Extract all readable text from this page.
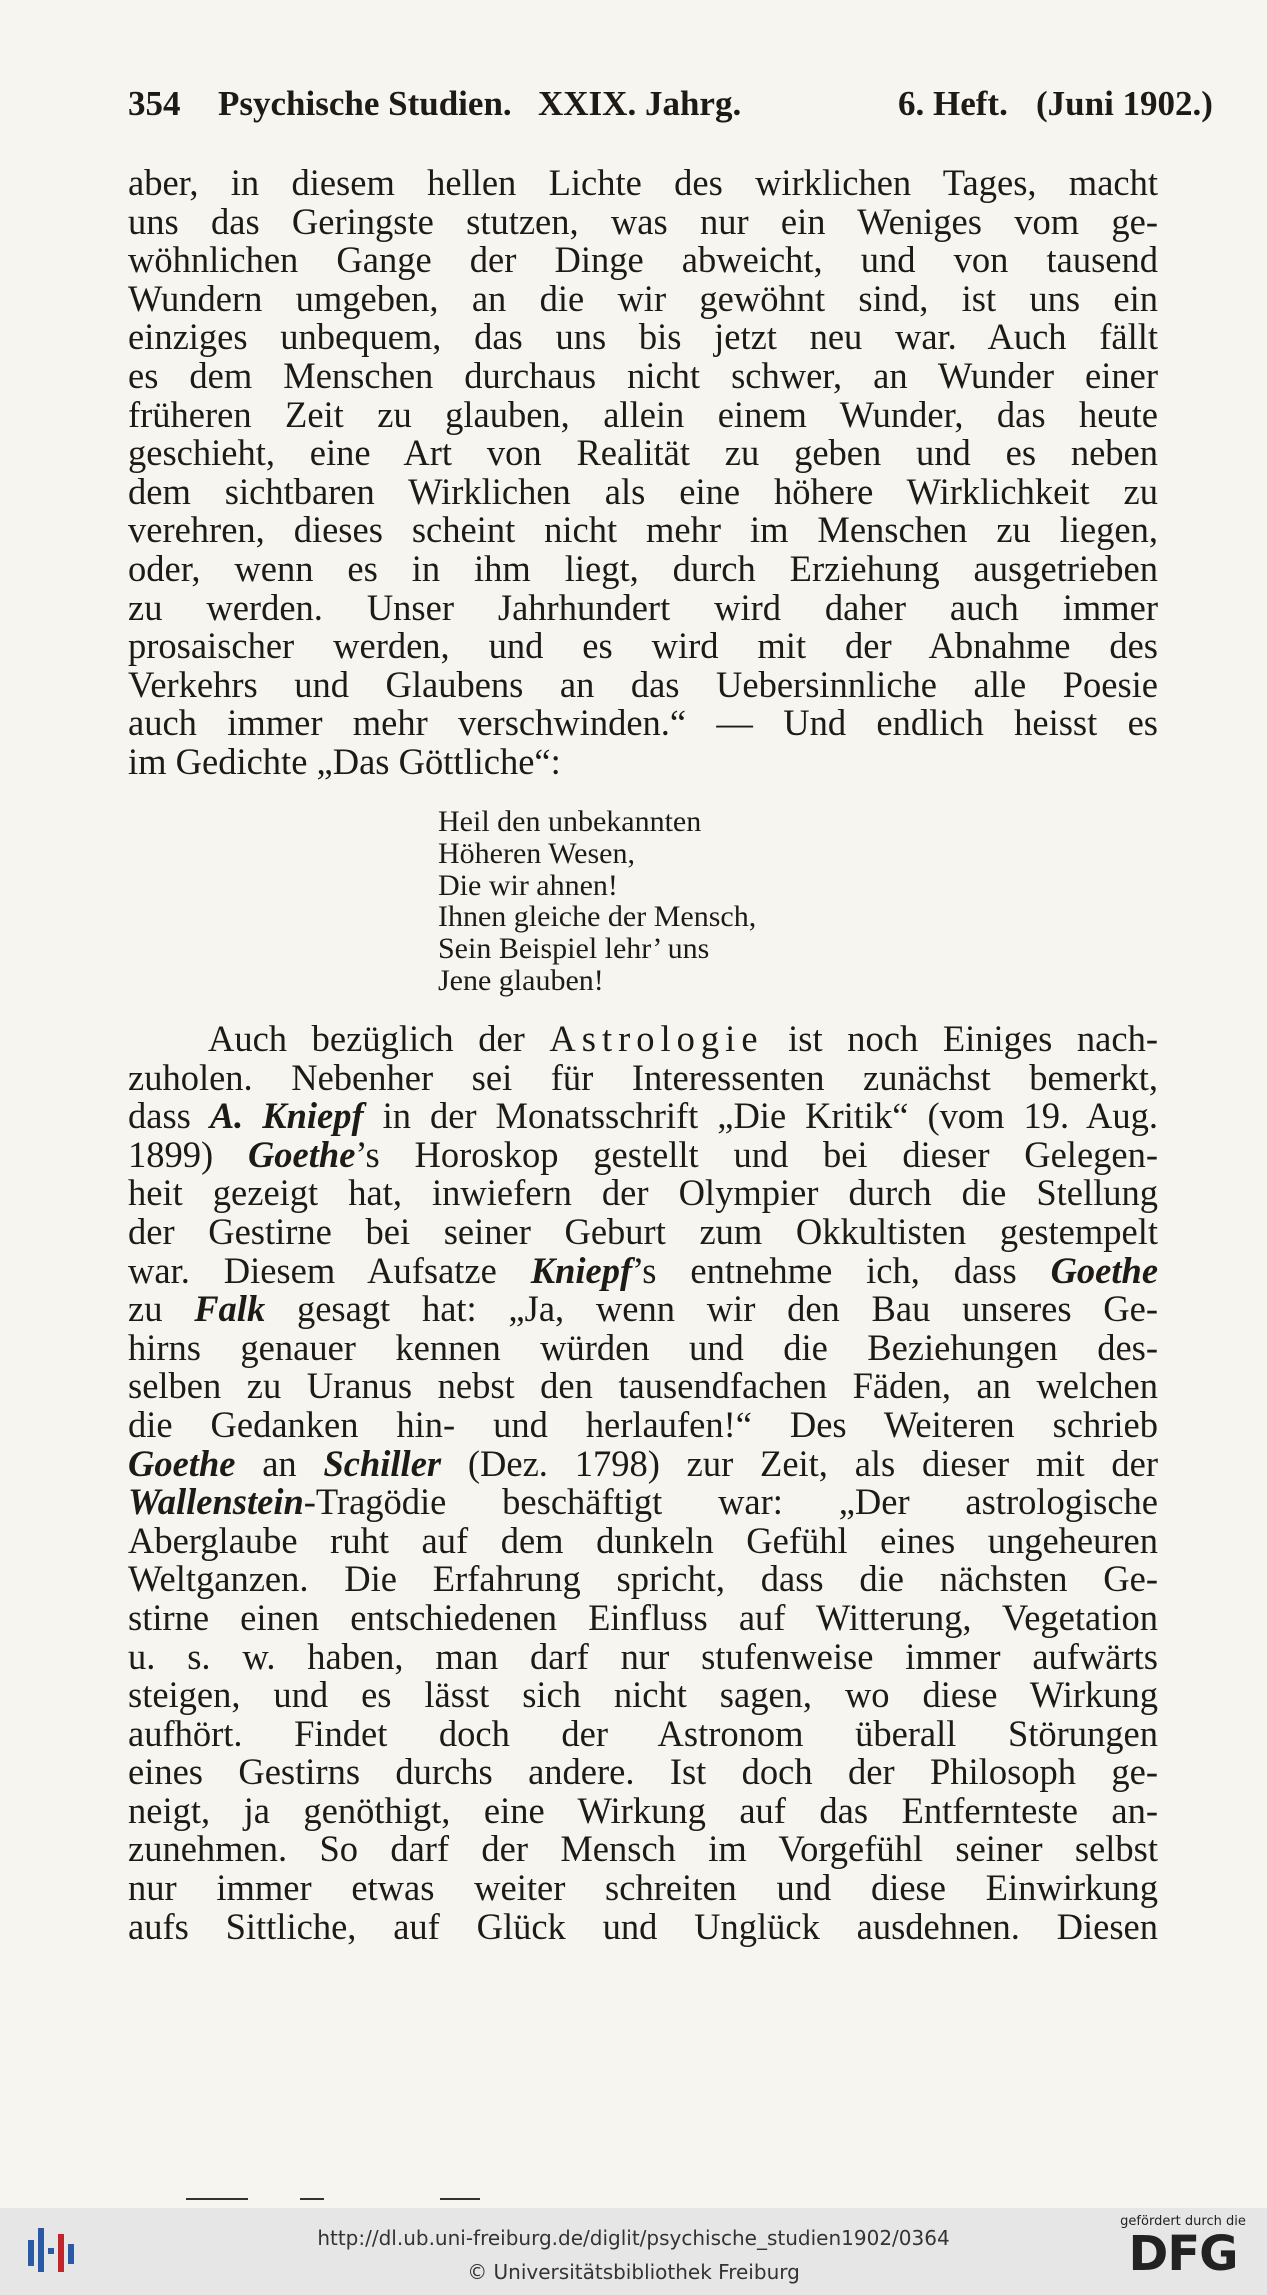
354 Psychische Studien. XXIX. Jahrg.	6. Heft. (Juni 1902.)
aber, in diesem hellen Lichte des wirklichen Tages, macht
uns das Geringste stutzen, was nur ein Weniges vom ge-
wöhnlichen Gange der Dinge abweicht, und von tausend
Wundern umgeben, an die wir gewöhnt sind, ist uns ein
einziges unbequem, das uns bis jetzt neu war. Auch fällt
es dem Menschen durchaus nicht schwer, an Wunder einer
früheren Zeit zu glauben, allein einem Wunder, das heute
geschieht, eine Art von Realität zu geben und es neben
dem sichtbaren Wirklichen als eine höhere Wirklichkeit zu
verehren, dieses scheint nicht mehr im Menschen zu liegen,
oder, wenn es in ihm liegt, durch Erziehung ausgetrieben
zu werden. Unser Jahrhundert wird daher auch immer
prosaischer werden, und es wird mit der Abnahme des
Verkehrs und Glaubens an das Uebersinnliche alle Poesie
auch immer mehr verschwinden.“ — Und endlich heisst es
im Gedichte „Das Göttliche“:
Heil den unbekannten
Höheren Wesen,
Die wir ahnen!
Ihnen gleiche der Mensch,
Sein Beispiel lehr’ uns
Jene glauben!
Auch bezüglich der Astrologie ist noch Einiges nach-
zuholen. Nebenher sei für Interessenten zunächst bemerkt,
dass A. Kniepf in der Monatsschrift „Die Kritik“ (vom 19. Aug.
1899) Goethe’s Horoskop gestellt und bei dieser Gelegen-
heit gezeigt hat, inwiefern der Olympier durch die Stellung
der Gestirne bei seiner Geburt zum Okkultisten gestempelt
war. Diesem Aufsatze Kniepf’s entnehme ich, dass Goethe
zu Falk gesagt hat: „Ja, wenn wir den Bau unseres Ge-
hirns genauer kennen würden und die Beziehungen des-
selben zu Uranus nebst den tausendfachen Fäden, an welchen
die Gedanken hin- und herlaufen!“ Des Weiteren schrieb
Goethe an Schiller (Dez. 1798) zur Zeit, als dieser mit der
Wallenstein-Tragödie beschäftigt war: „Der astrologische
Aberglaube ruht auf dem dunkeln Gefühl eines ungeheuren
Weltganzen. Die Erfahrung spricht, dass die nächsten Ge-
stirne einen entschiedenen Einfluss auf Witterung, Vegetation
u. s. w. haben, man darf nur stufenweise immer aufwärts
steigen, und es lässt sich nicht sagen, wo diese Wirkung
aufhört. Findet doch der Astronom überall Störungen
eines Gestirns durchs andere. Ist doch der Philosoph ge-
neigt, ja genöthigt, eine Wirkung auf das Entfernteste an-
zunehmen. So darf der Mensch im Vorgefühl seiner selbst
nur immer etwas weiter schreiten und diese Einwirkung
aufs Sittliche, auf Glück und Unglück ausdehnen. Diesen
http://dl.ub.uni-freiburg.de/diglit/psychische_studien1902/0364
© Universitätsbibliothek Freiburg
gefördert durch die
DFG
